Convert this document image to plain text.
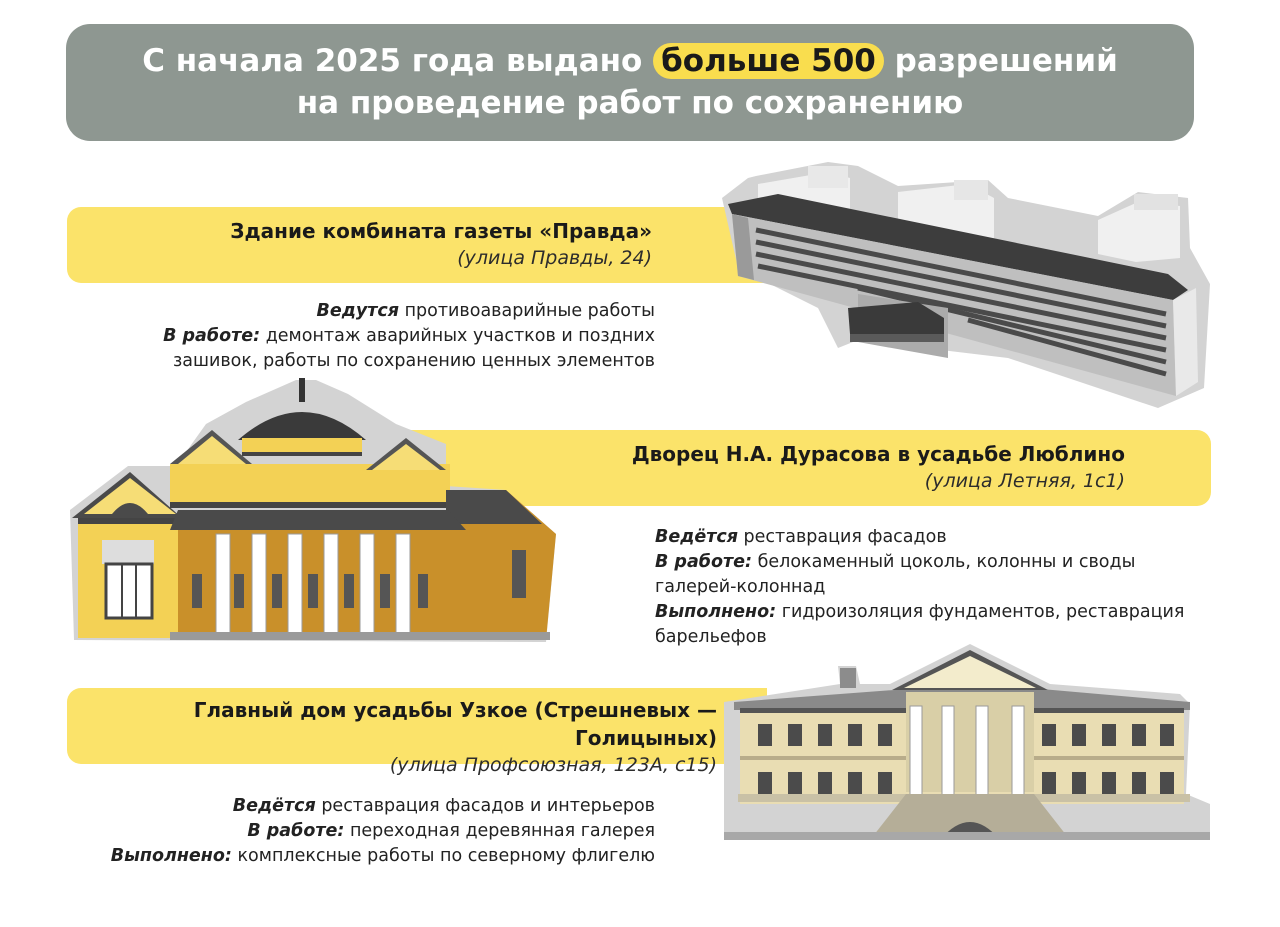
С начала 2025 года выдано больше 500 разрешений
на проведение работ по сохранению
Здание комбината газеты «Правда»
(улица Правды, 24)
Ведутся противоаварийные работы
В работе: демонтаж аварийных участков и поздних зашивок, работы по сохранению ценных элементов
Дворец Н.А. Дурасова в усадьбе Люблино
(улица Летняя, 1с1)
Ведётся реставрация фасадов
В работе: белокаменный цоколь, колонны и своды галерей-колоннад
Выполнено: гидроизоляция фундаментов, реставрация барельефов
Главный дом усадьбы Узкое (Стрешневых — Голицыных)
(улица Профсоюзная, 123А, с15)
Ведётся реставрация фасадов и интерьеров
В работе: переходная деревянная галерея
Выполнено: комплексные работы по северному флигелю
